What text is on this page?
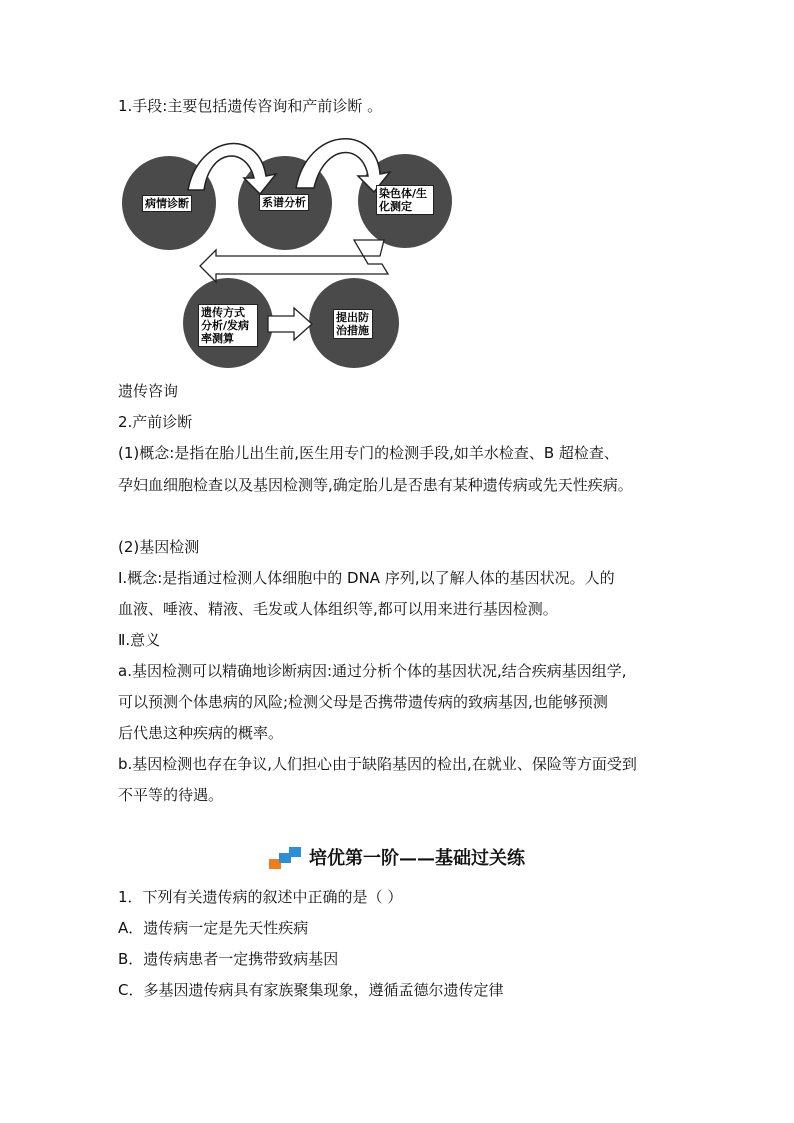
1.手段:主要包括遗传咨询和产前诊断 。
病情诊断	系谱分析
染色体/生化测定
遗传方式分析/发病率测算
提出防治措施
遗传咨询
2.产前诊断
(1)概念:是指在胎儿出生前,医生用专门的检测手段,如羊水检查、B 超检查、
孕妇血细胞检查以及基因检测等,确定胎儿是否患有某种遗传病或先天性疾病。
(2)基因检测
Ⅰ.概念:是指通过检测人体细胞中的 DNA 序列,以了解人体的基因状况。人的
血液、唾液、精液、毛发或人体组织等,都可以用来进行基因检测。
Ⅱ.意义
a.基因检测可以精确地诊断病因:通过分析个体的基因状况,结合疾病基因组学,
可以预测个体患病的风险;检测父母是否携带遗传病的致病基因,也能够预测
后代患这种疾病的概率。
b.基因检测也存在争议,人们担心由于缺陷基因的检出,在就业、保险等方面受到
不平等的待遇。
培优第一阶——基础过关练
1．下列有关遗传病的叙述中正确的是（ ）
A．遗传病一定是先天性疾病
B．遗传病患者一定携带致病基因
C．多基因遗传病具有家族聚集现象，遵循孟德尔遗传定律
